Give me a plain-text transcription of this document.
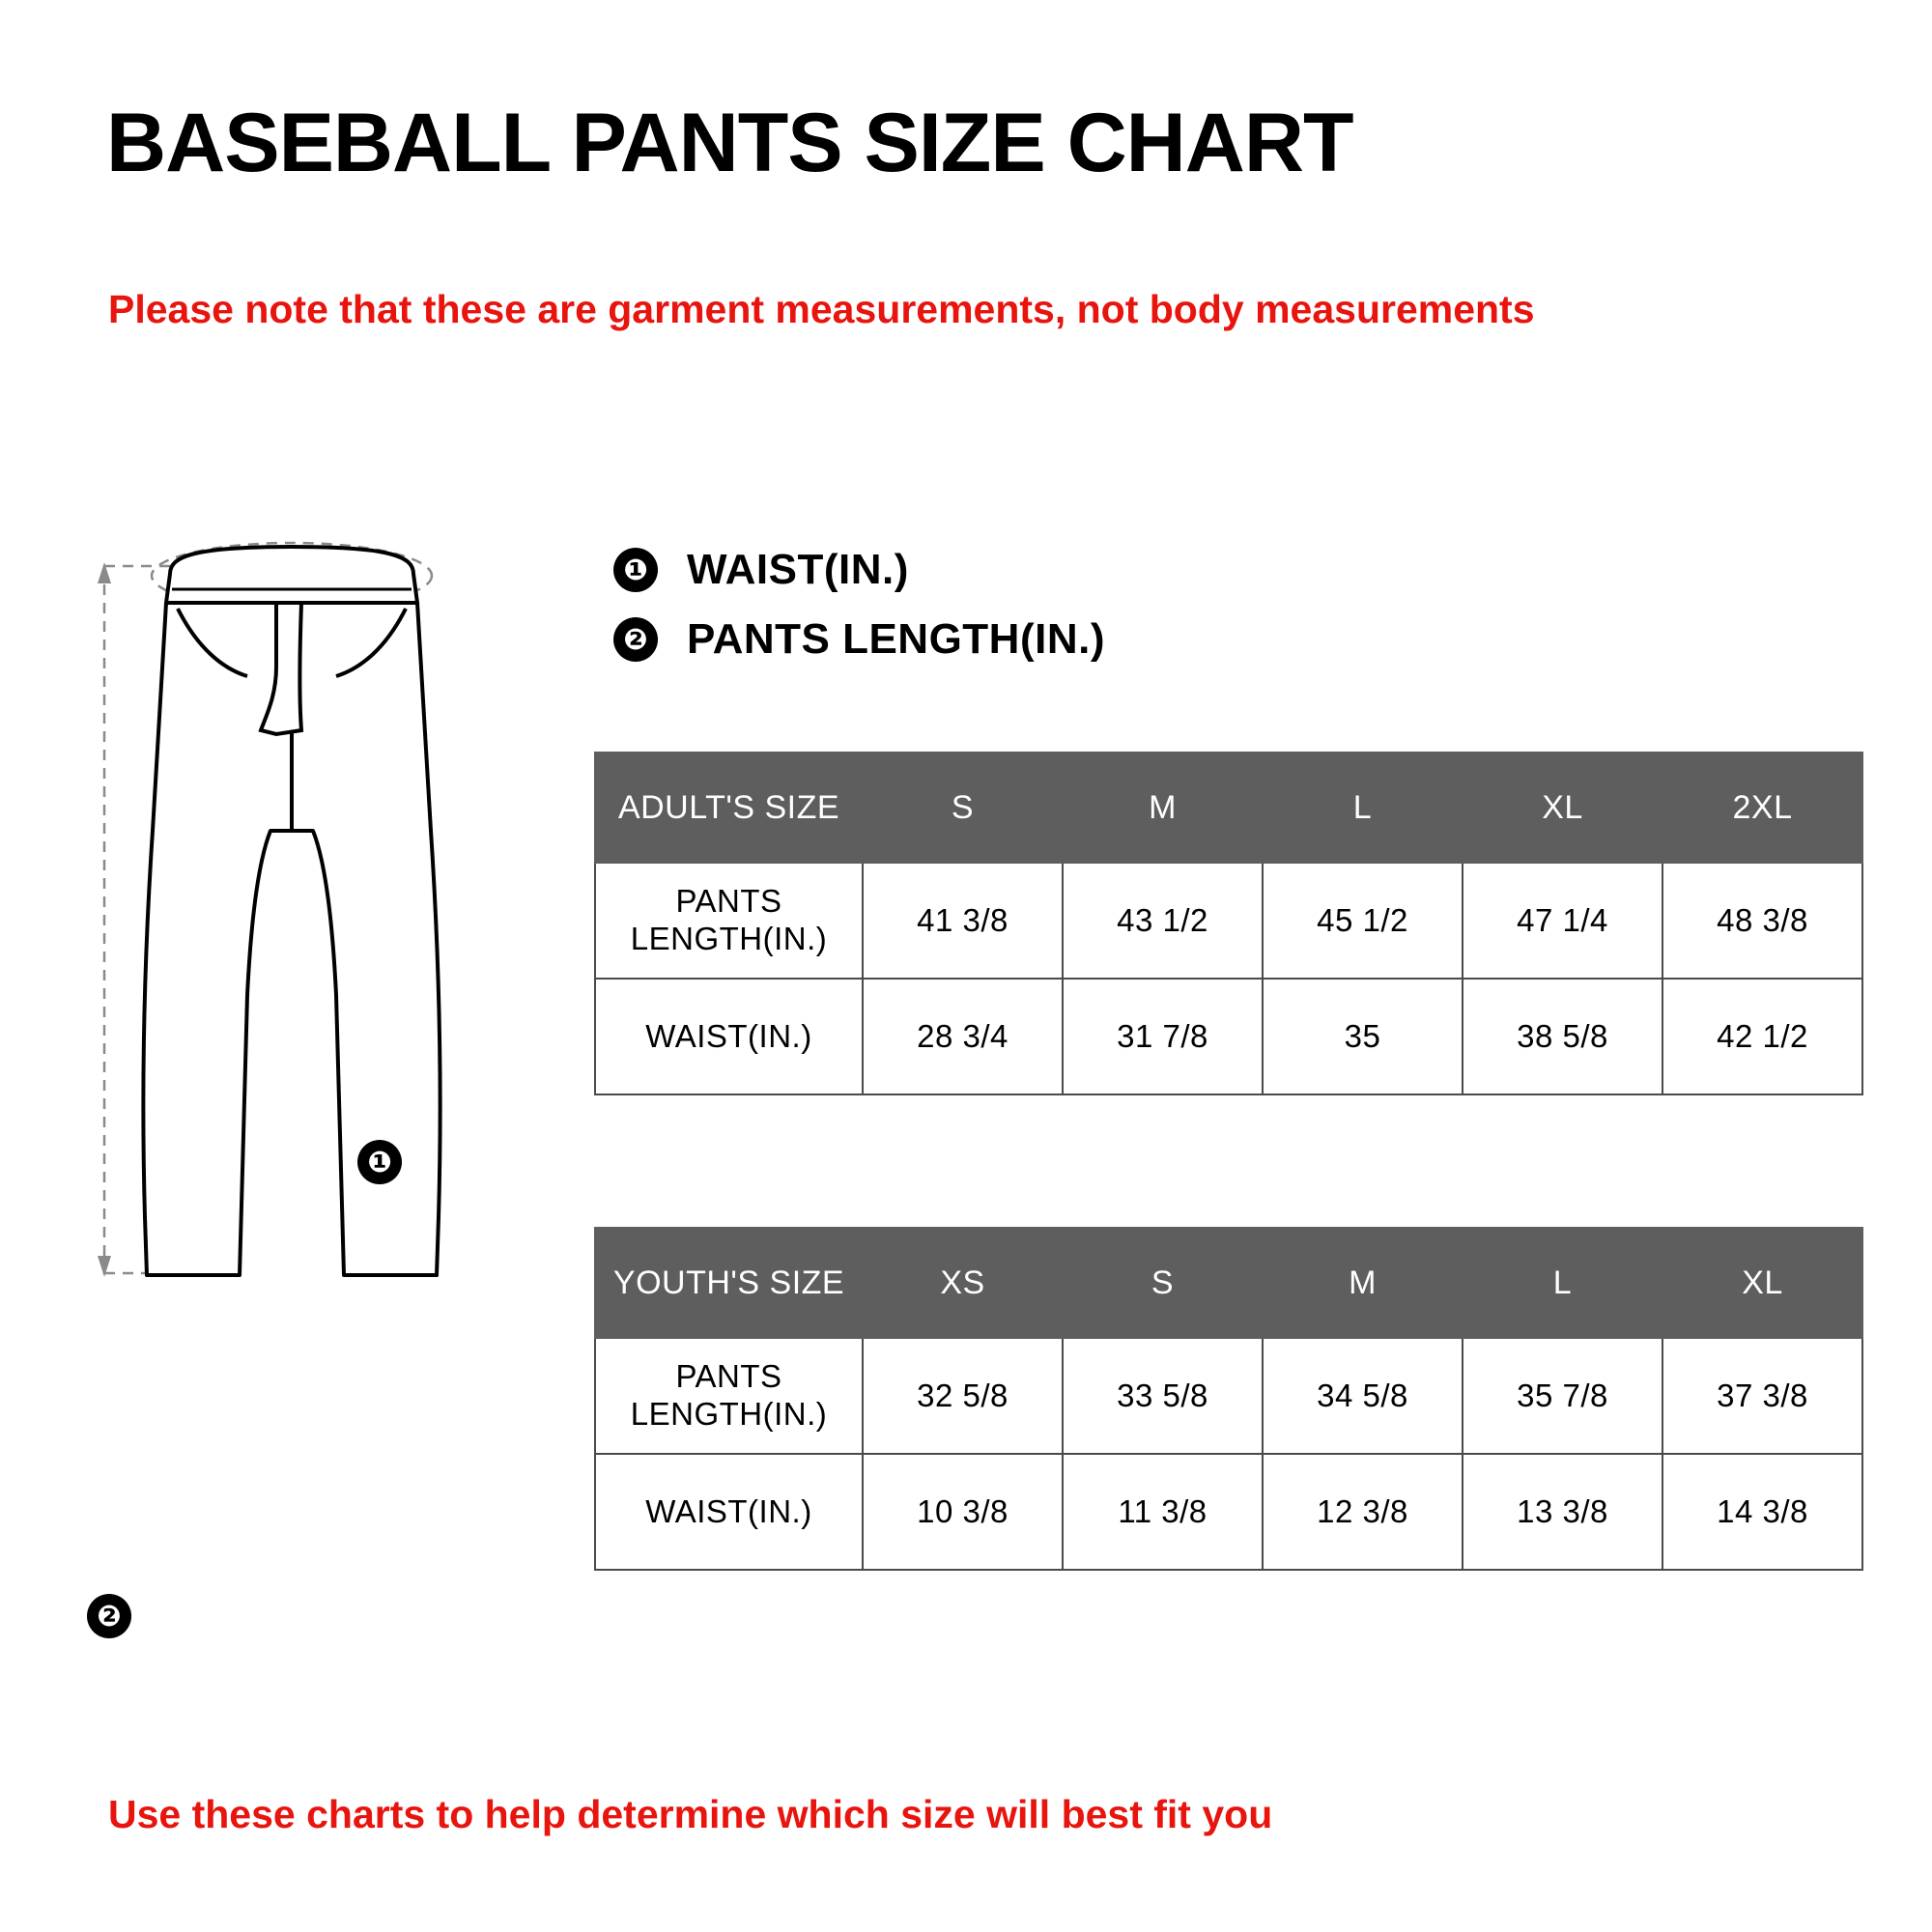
BASEBALL PANTS SIZE CHART
Please note that these are garment measurements, not body measurements
❶ WAIST(IN.)
❷ PANTS LENGTH(IN.)
❶
❷
ADULT'S SIZE	S	M	L	XL	2XL
PANTS LENGTH(IN.)	41 3/8	43 1/2	45 1/2	47 1/4	48 3/8
WAIST(IN.)	28 3/4	31 7/8	35	38 5/8	42 1/2
YOUTH'S SIZE	XS	S	M	L	XL
PANTS LENGTH(IN.)	32 5/8	33 5/8	34 5/8	35 7/8	37 3/8
WAIST(IN.)	10 3/8	11 3/8	12 3/8	13 3/8	14 3/8
Use these charts to help determine which size will best fit you
